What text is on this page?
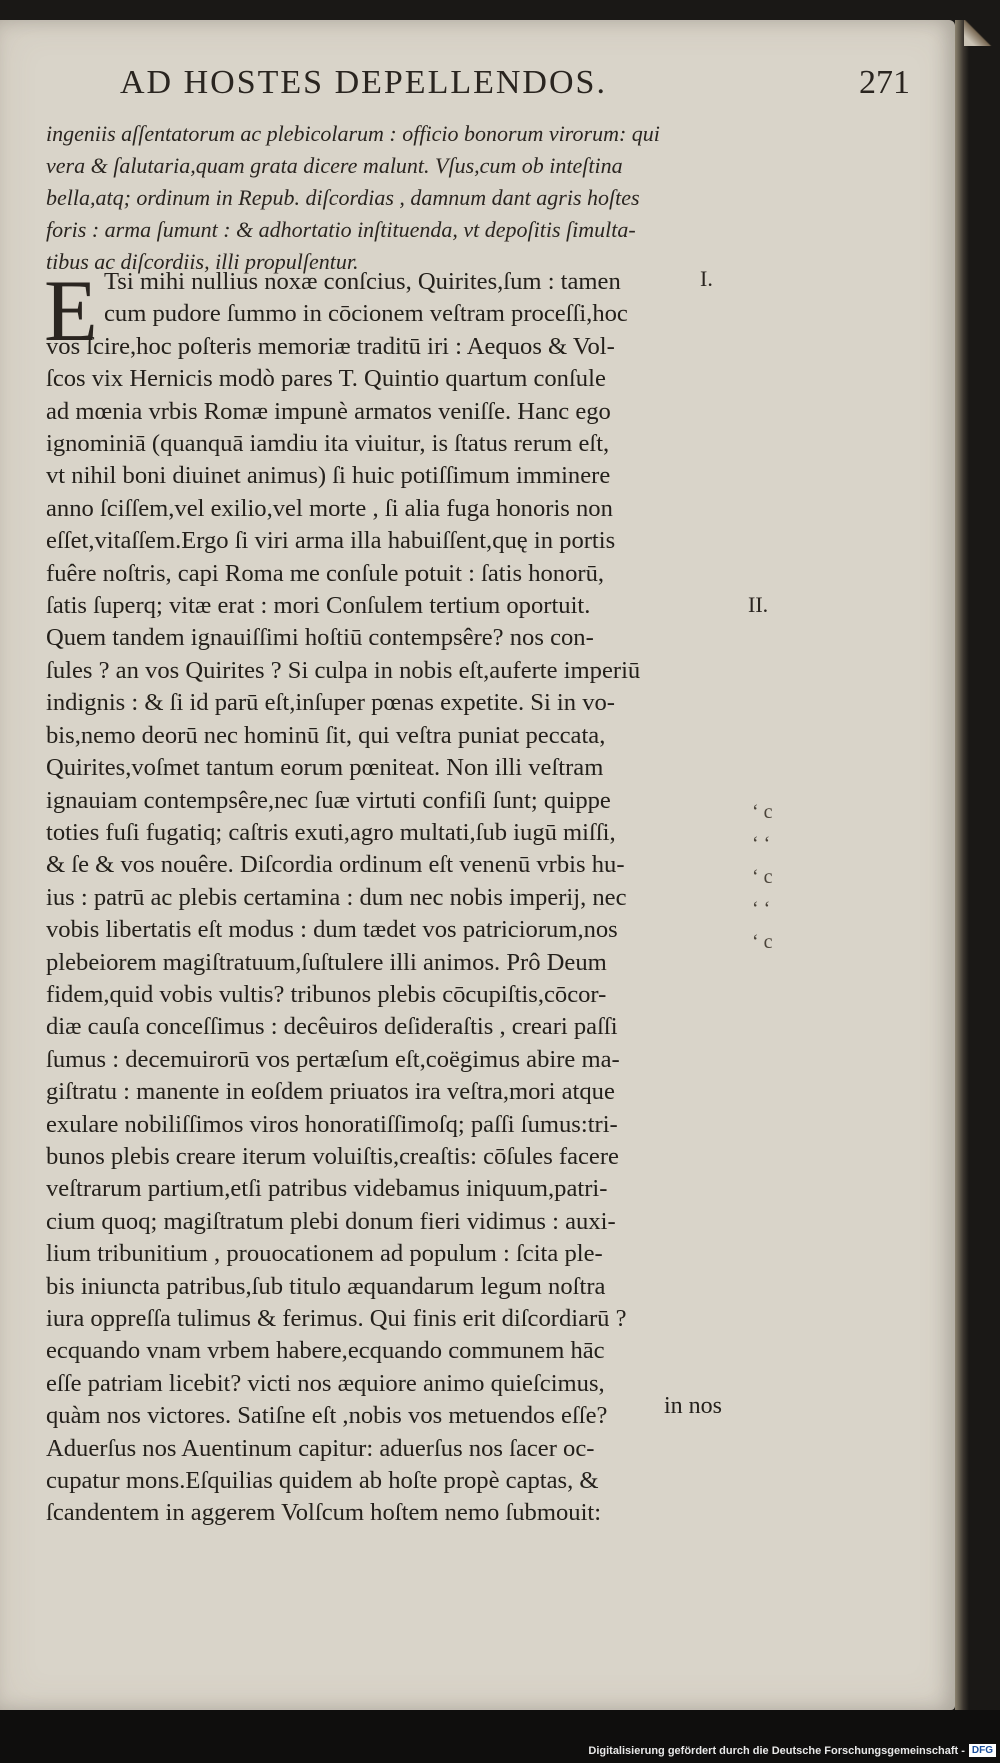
AD HOSTES DEPELLENDOS.	271
ingeniis aſſentatorum ac plebicolarum : officio bonorum virorum: qui
vera & ſalutaria,quam grata dicere malunt. Vſus,cum ob inteſtina
bella,atq; ordinum in Repub. diſcordias , damnum dant agris hoſtes
foris : arma ſumunt : & adhortatio inſtituenda, vt depoſitis ſimulta-
tibus ac diſcordiis, illi propulſentur.
E Tsi mihi nullius noxæ conſcius, Quirites,ſum : tamen
cum pudore ſummo in cōcionem veſtram proceſſi,hoc
vos ſcire,hoc poſteris memoriæ traditū iri : Aequos & Vol-
ſcos vix Hernicis modò pares T. Quintio quartum conſule
ad mœnia vrbis Romæ impunè armatos veniſſe. Hanc ego
ignominiā (quanquā iamdiu ita viuitur, is ſtatus rerum eſt,
vt nihil boni diuinet animus) ſi huic potiſſimum imminere
anno ſciſſem,vel exilio,vel morte , ſi alia fuga honoris non
eſſet,vitaſſem.Ergo ſi viri arma illa habuiſſent,quę in portis
fuêre noſtris, capi Roma me conſule potuit : ſatis honorū,
ſatis ſuperq; vitæ erat : mori Conſulem tertium oportuit.
Quem tandem ignauiſſimi hoſtiū contempsêre? nos con-
ſules ? an vos Quirites ? Si culpa in nobis eſt,auferte imperiū
indignis : & ſi id parū eſt,inſuper pœnas expetite. Si in vo-
bis,nemo deorū nec hominū ſit, qui veſtra puniat peccata,
Quirites,voſmet tantum eorum pœniteat. Non illi veſtram
ignauiam contempsêre,nec ſuæ virtuti confiſi ſunt; quippe
toties fuſi fugatiq; caſtris exuti,agro multati,ſub iugū miſſi,
& ſe & vos nouêre. Diſcordia ordinum eſt venenū vrbis hu-
ius : patrū ac plebis certamina : dum nec nobis imperij, nec
vobis libertatis eſt modus : dum tædet vos patriciorum,nos
plebeiorem magiſtratuum,ſuſtulere illi animos. Prô Deum
fidem,quid vobis vultis? tribunos plebis cōcupiſtis,cōcor-
diæ cauſa conceſſimus : decêuiros deſideraſtis , creari paſſi
ſumus : decemuirorū vos pertæſum eſt,coëgimus abire ma-
giſtratu : manente in eoſdem priuatos ira veſtra,mori atque
exulare nobiliſſimos viros honoratiſſimoſq; paſſi ſumus:tri-
bunos plebis creare iterum voluiſtis,creaſtis: cōſules facere
veſtrarum partium,etſi patribus videbamus iniquum,patri-
cium quoq; magiſtratum plebi donum fieri vidimus : auxi-
lium tribunitium , prouocationem ad populum : ſcita ple-
bis iniuncta patribus,ſub titulo æquandarum legum noſtra
iura oppreſſa tulimus & ferimus. Qui finis erit diſcordiarū ?
ecquando vnam vrbem habere,ecquando communem hāc
eſſe patriam licebit? victi nos æquiore animo quieſcimus,
quàm nos victores. Satiſne eſt ,nobis vos metuendos eſſe?
Aduerſus nos Auentinum capitur: aduerſus nos ſacer oc-
cupatur mons.Eſquilias quidem ab hoſte propè captas, &
ſcandentem in aggerem Volſcum hoſtem nemo ſubmouit:
I.
II.
‘ c
‘ ‘
‘ c
‘ ‘
‘ c
in nos
Digitalisierung gefördert durch die Deutsche Forschungsgemeinschaft - DFG
